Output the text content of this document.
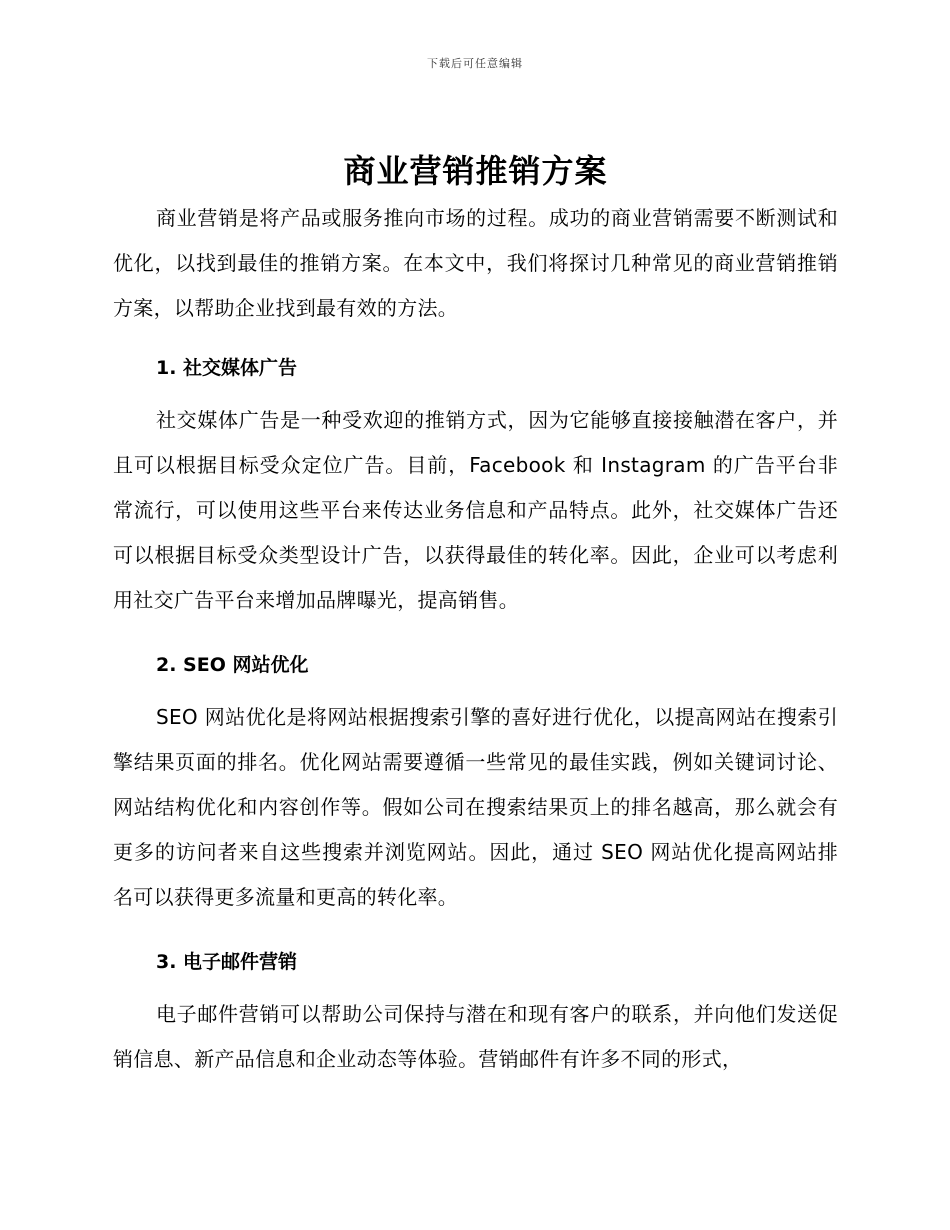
下载后可任意编辑
商业营销推销方案

商业营销是将产品或服务推向市场的过程。成功的商业营销需要不断测试和优化，以找到最佳的推销方案。在本文中，我们将探讨几种常见的商业营销推销方案，以帮助企业找到最有效的方法。

1. 社交媒体广告

社交媒体广告是一种受欢迎的推销方式，因为它能够直接接触潜在客户，并且可以根据目标受众定位广告。目前，Facebook 和 Instagram 的广告平台非常流行，可以使用这些平台来传达业务信息和产品特点。此外，社交媒体广告还可以根据目标受众类型设计广告，以获得最佳的转化率。因此，企业可以考虑利用社交广告平台来增加品牌曝光，提高销售。

2. SEO 网站优化

SEO 网站优化是将网站根据搜索引擎的喜好进行优化，以提高网站在搜索引擎结果页面的排名。优化网站需要遵循一些常见的最佳实践，例如关键词讨论、网站结构优化和内容创作等。假如公司在搜索结果页上的排名越高，那么就会有更多的访问者来自这些搜索并浏览网站。因此，通过 SEO 网站优化提高网站排名可以获得更多流量和更高的转化率。

3. 电子邮件营销

电子邮件营销可以帮助公司保持与潜在和现有客户的联系，并向他们发送促销信息、新产品信息和企业动态等体验。营销邮件有许多不同的形式，
